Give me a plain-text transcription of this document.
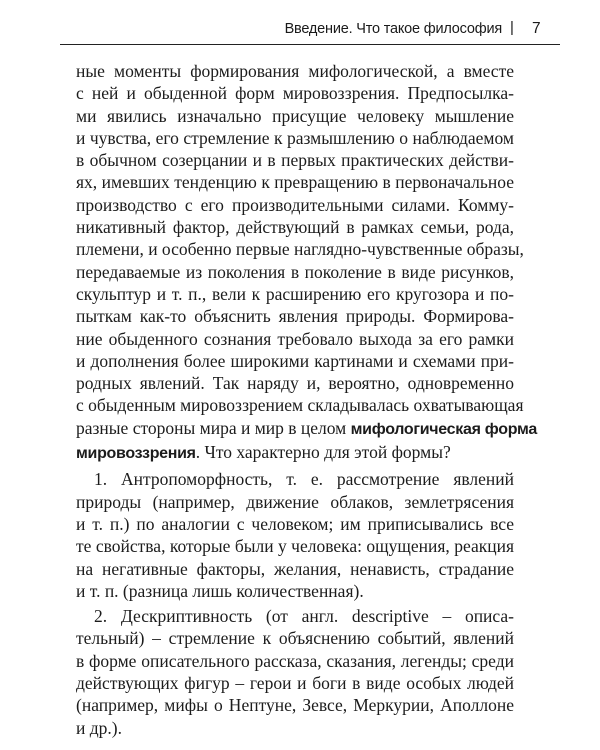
Введение. Что такое философия | 7

ные моменты формирования мифологической, а вместе
с ней и обыденной форм мировоззрения. Предпосылка-
ми явились изначально присущие человеку мышление
и чувства, его стремление к размышлению о наблюдаемом
в обычном созерцании и в первых практических действи-
ях, имевших тенденцию к превращению в первоначальное
производство с его производительными силами. Комму-
никативный фактор, действующий в рамках семьи, рода,
племени, и особенно первые наглядно-чувственные образы,
передаваемые из поколения в поколение в виде рисунков,
скульптур и т. п., вели к расширению его кругозора и по-
пыткам как-то объяснить явления природы. Формирова-
ние обыденного сознания требовало выхода за его рамки
и дополнения более широкими картинами и схемами при-
родных явлений. Так наряду и, вероятно, одновременно
с обыденным мировоззрением складывалась охватывающая
разные стороны мира и мир в целом мифологическая форма
мировоззрения. Что характерно для этой формы?

1. Антропоморфность, т. е. рассмотрение явлений
природы (например, движение облаков, землетрясения
и т. п.) по аналогии с человеком; им приписывались все
те свойства, которые были у человека: ощущения, реакция
на негативные факторы, желания, ненависть, страдание
и т. п. (разница лишь количественная).

2. Дескриптивность (от англ. descriptive – описа-
тельный) – стремление к объяснению событий, явлений
в форме описательного рассказа, сказания, легенды; среди
действующих фигур – герои и боги в виде особых людей
(например, мифы о Нептуне, Зевсе, Меркурии, Аполлоне
и др.).
